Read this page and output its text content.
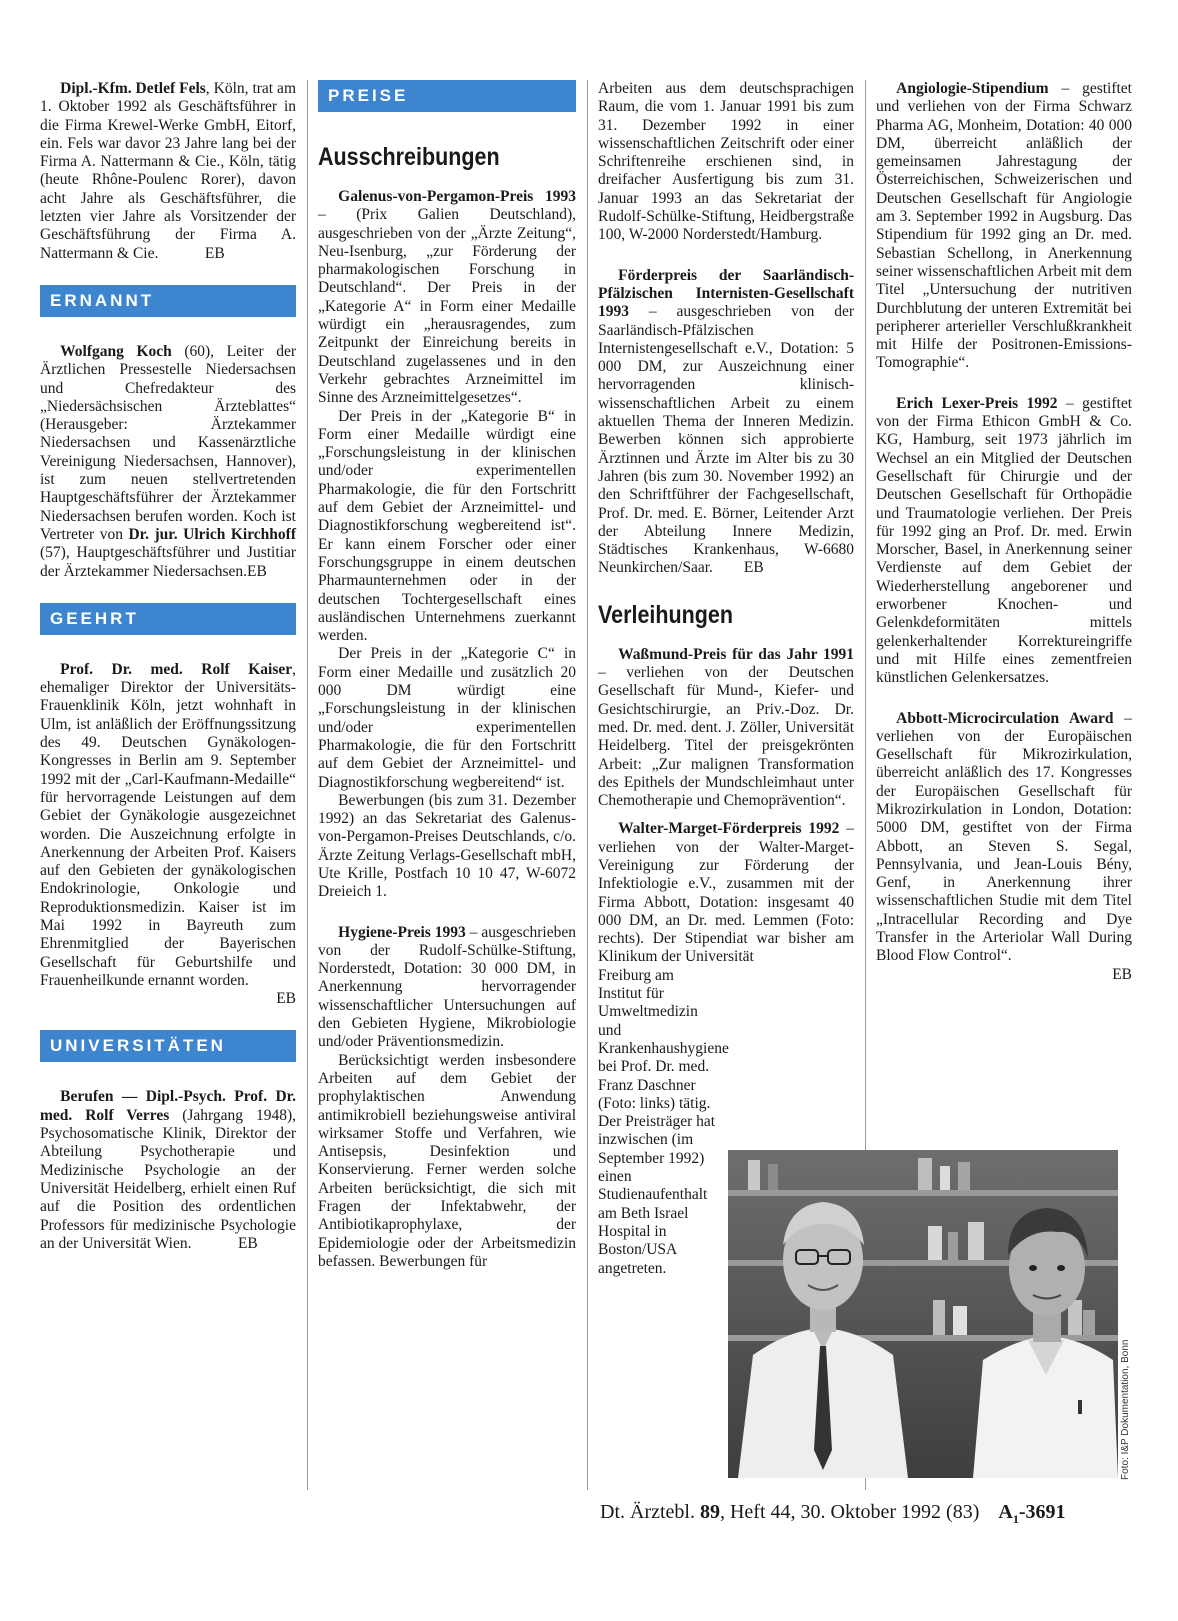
Dipl.-Kfm. Detlef Fels, Köln, trat am 1. Oktober 1992 als Geschäftsführer in die Firma Krewel-Werke GmbH, Eitorf, ein. Fels war davor 23 Jahre lang bei der Firma A. Nattermann & Cie., Köln, tätig (heute Rhône-Poulenc Rorer), davon acht Jahre als Geschäftsführer, die letzten vier Jahre als Vorsitzender der Geschäftsführung der Firma A. Nattermann & Cie.   EB

ERNANNT

Wolfgang Koch (60), Leiter der Ärztlichen Pressestelle Niedersachsen und Chefredakteur des „Niedersächsischen Ärzteblattes“ (Herausgeber: Ärztekammer Niedersachsen und Kassenärztliche Vereinigung Niedersachsen, Hannover), ist zum neuen stellvertretenden Hauptgeschäftsführer der Ärztekammer Niedersachsen berufen worden. Koch ist Vertreter von Dr. jur. Ulrich Kirchhoff (57), Hauptgeschäftsführer und Justitiar der Ärztekammer Niedersachsen.EB

GEEHRT

Prof. Dr. med. Rolf Kaiser, ehemaliger Direktor der Universitäts-Frauenklinik Köln, jetzt wohnhaft in Ulm, ist anläßlich der Eröffnungssitzung des 49. Deutschen Gynäkologen-Kongresses in Berlin am 9. September 1992 mit der „Carl-Kaufmann-Medaille“ für hervorragende Leistungen auf dem Gebiet der Gynäkologie ausgezeichnet worden. Die Auszeichnung erfolgte in Anerkennung der Arbeiten Prof. Kaisers auf den Gebieten der gynäkologischen Endokrinologie, Onkologie und Reproduktionsmedizin. Kaiser ist im Mai 1992 in Bayreuth zum Ehrenmitglied der Bayerischen Gesellschaft für Geburtshilfe und Frauenheilkunde ernannt worden.

EB

UNIVERSITÄTEN

Berufen — Dipl.-Psych. Prof. Dr. med. Rolf Verres (Jahrgang 1948), Psychosomatische Klinik, Direktor der Abteilung Psychotherapie und Medizinische Psychologie an der Universität Heidelberg, erhielt einen Ruf auf die Position des ordentlichen Professors für medizinische Psychologie an der Universität Wien.   EB

PREISE
Ausschreibungen

Galenus-von-Pergamon-Preis 1993 – (Prix Galien Deutschland), ausgeschrieben von der „Ärzte Zeitung“, Neu-Isenburg, „zur Förderung der pharmakologischen Forschung in Deutschland“. Der Preis in der „Kategorie A“ in Form einer Medaille würdigt ein „herausragendes, zum Zeitpunkt der Einreichung bereits in Deutschland zugelassenes und in den Verkehr gebrachtes Arzneimittel im Sinne des Arzneimittelgesetzes“.

Der Preis in der „Kategorie B“ in Form einer Medaille würdigt eine „Forschungsleistung in der klinischen und/oder experimentellen Pharmakologie, die für den Fortschritt auf dem Gebiet der Arzneimittel- und Diagnostikforschung wegbereitend ist“. Er kann einem Forscher oder einer Forschungsgruppe in einem deutschen Pharmaunternehmen oder in der deutschen Tochtergesellschaft eines ausländischen Unternehmens zuerkannt werden.

Der Preis in der „Kategorie C“ in Form einer Medaille und zusätzlich 20 000 DM würdigt eine „Forschungsleistung in der klinischen und/oder experimentellen Pharmakologie, die für den Fortschritt auf dem Gebiet der Arzneimittel- und Diagnostikforschung wegbereitend“ ist.

Bewerbungen (bis zum 31. Dezember 1992) an das Sekretariat des Galenus-von-Pergamon-Preises Deutschlands, c/o. Ärzte Zeitung Verlags-Gesellschaft mbH, Ute Krille, Postfach 10 10 47, W-6072 Dreieich 1.

Hygiene-Preis 1993 – ausgeschrieben von der Rudolf-Schülke-Stiftung, Norderstedt, Dotation: 30 000 DM, in Anerkennung hervorragender wissenschaftlicher Untersuchungen auf den Gebieten Hygiene, Mikrobiologie und/oder Präventionsmedizin.

Berücksichtigt werden insbesondere Arbeiten auf dem Gebiet der prophylaktischen Anwendung antimikrobiell beziehungsweise antiviral wirksamer Stoffe und Verfahren, wie Antisepsis, Desinfektion und Konservierung. Ferner werden solche Arbeiten berücksichtigt, die sich mit Fragen der Infektabwehr, der Antibiotikaprophylaxe, der Epidemiologie oder der Arbeitsmedizin befassen. Bewerbungen für

Arbeiten aus dem deutschsprachigen Raum, die vom 1. Januar 1991 bis zum 31. Dezember 1992 in einer wissenschaftlichen Zeitschrift oder einer Schriftenreihe erschienen sind, in dreifacher Ausfertigung bis zum 31. Januar 1993 an das Sekretariat der Rudolf-Schülke-Stiftung, Heidbergstraße 100, W-2000 Norderstedt/Hamburg.

Förderpreis der Saarländisch-Pfälzischen Internisten-Gesellschaft 1993 – ausgeschrieben von der Saarländisch-Pfälzischen Internistengesellschaft e.V., Dotation: 5 000 DM, zur Auszeichnung einer hervorragenden klinisch-wissenschaftlichen Arbeit zu einem aktuellen Thema der Inneren Medizin. Bewerben können sich approbierte Ärztinnen und Ärzte im Alter bis zu 30 Jahren (bis zum 30. November 1992) an den Schriftführer der Fachgesellschaft, Prof. Dr. med. E. Börner, Leitender Arzt der Abteilung Innere Medizin, Städtisches Krankenhaus, W-6680 Neunkirchen/Saar.  EB

Verleihungen

Waßmund-Preis für das Jahr 1991 – verliehen von der Deutschen Gesellschaft für Mund-, Kiefer- und Gesichtschirurgie, an Priv.-Doz. Dr. med. Dr. med. dent. J. Zöller, Universität Heidelberg. Titel der preisgekrönten Arbeit: „Zur malignen Transformation des Epithels der Mundschleimhaut unter Chemotherapie und Chemoprävention“.

Walter-Marget-Förderpreis 1992 – verliehen von der Walter-Marget-Vereinigung zur Förderung der Infektiologie e.V., zusammen mit der Firma Abbott, Dotation: insgesamt 40 000 DM, an Dr. med. Lemmen (Foto: rechts). Der Stipendiat war bisher am Klinikum der Universität

Freiburg am Institut für Umweltmedizin und Krankenhaushygiene bei Prof. Dr. med. Franz Daschner (Foto: links) tätig. Der Preisträger hat inzwischen (im September 1992) einen Studienaufenthalt am Beth Israel Hospital in Boston/USA angetreten.

Angiologie-Stipendium – gestiftet und verliehen von der Firma Schwarz Pharma AG, Monheim, Dotation: 40 000 DM, überreicht anläßlich der gemeinsamen Jahrestagung der Österreichischen, Schweizerischen und Deutschen Gesellschaft für Angiologie am 3. September 1992 in Augsburg. Das Stipendium für 1992 ging an Dr. med. Sebastian Schellong, in Anerkennung seiner wissenschaftlichen Arbeit mit dem Titel „Untersuchung der nutritiven Durchblutung der unteren Extremität bei peripherer arterieller Verschlußkrankheit mit Hilfe der Positronen-Emissions-Tomographie“.

Erich Lexer-Preis 1992 – gestiftet von der Firma Ethicon GmbH & Co. KG, Hamburg, seit 1973 jährlich im Wechsel an ein Mitglied der Deutschen Gesellschaft für Chirurgie und der Deutschen Gesellschaft für Orthopädie und Traumatologie verliehen. Der Preis für 1992 ging an Prof. Dr. med. Erwin Morscher, Basel, in Anerkennung seiner Verdienste auf dem Gebiet der Wiederherstellung angeborener und erworbener Knochen- und Gelenkdeformitäten mittels gelenkerhaltender Korrektureingriffe und mit Hilfe eines zementfreien künstlichen Gelenkersatzes.

Abbott-Microcirculation Award – verliehen von der Europäischen Gesellschaft für Mikrozirkulation, überreicht anläßlich des 17. Kongresses der Europäischen Gesellschaft für Mikrozirkulation in London, Dotation: 5000 DM, gestiftet von der Firma Abbott, an Steven S. Segal, Pennsylvania, und Jean-Louis Bény, Genf, in Anerkennung ihrer wissenschaftlichen Studie mit dem Titel „Intracellular Recording and Dye Transfer in the Arteriolar Wall During Blood Flow Control“.

EB

Foto: I&P Dokumentation, Bonn
Dt. Ärztebl. 89, Heft 44, 30. Oktober 1992 (83) $A_1-3691$
